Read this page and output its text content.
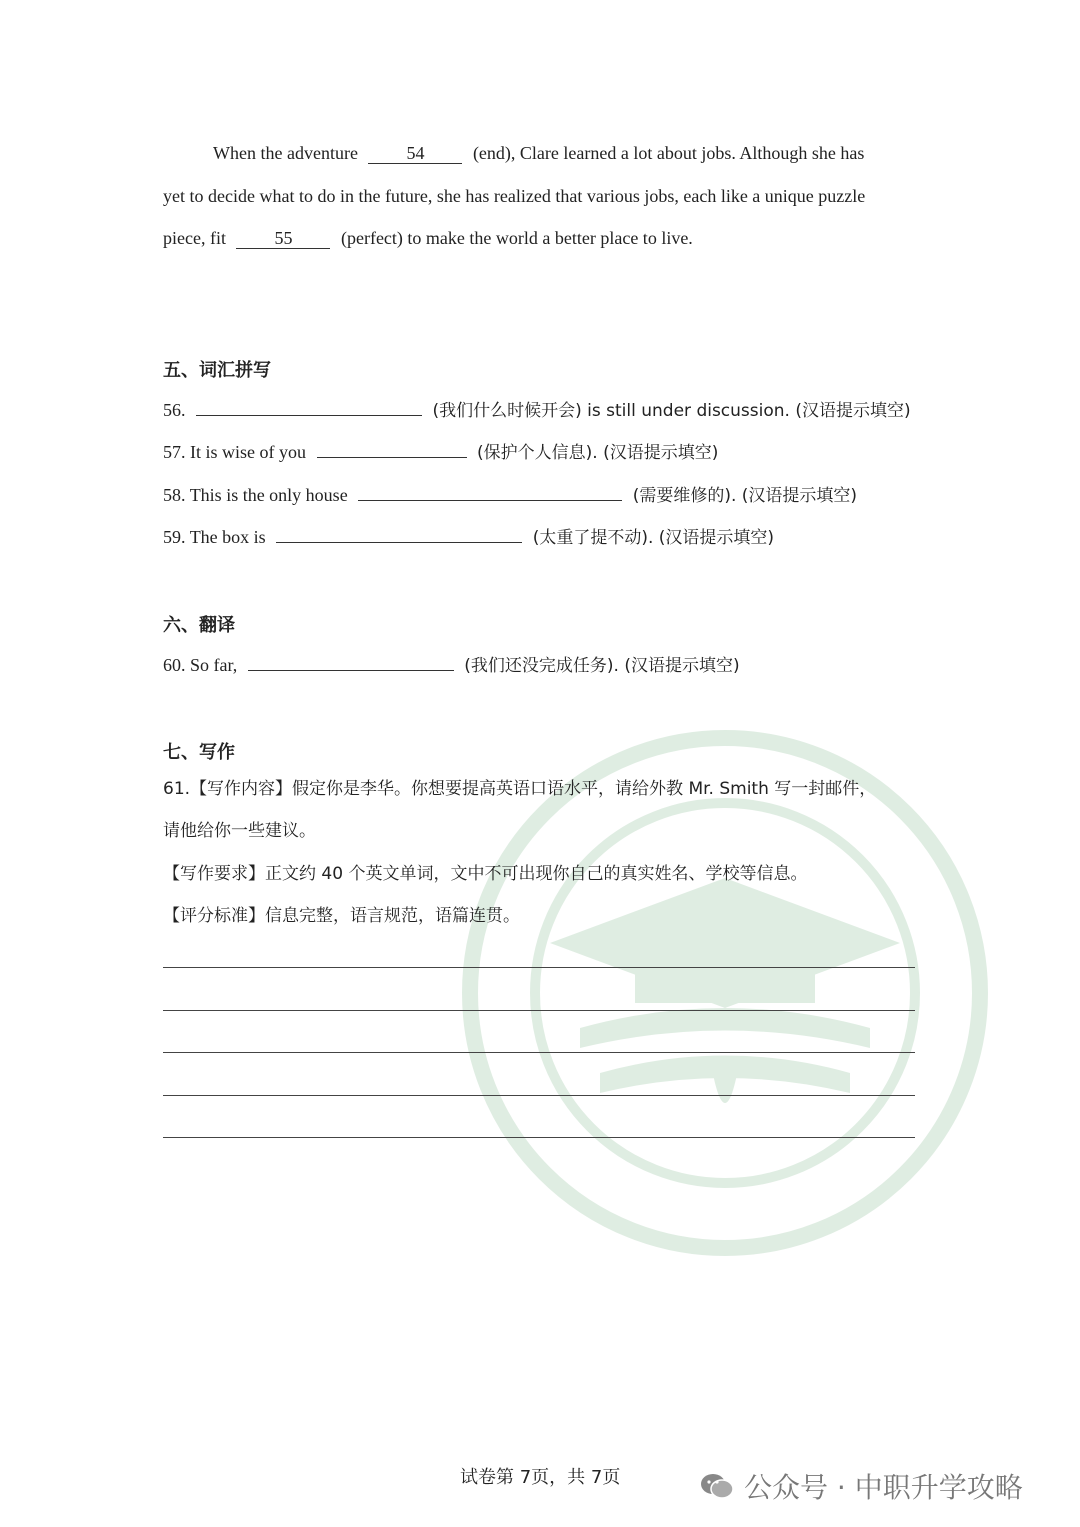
When the adventure	54	(end), Clare learned a lot about jobs. Although she has
yet to decide what to do in the future, she has realized that various jobs, each like a unique puzzle
piece, fit	55	(perfect) to make the world a better place to live.
五、词汇拼写
56.	(我们什么时候开会) is still under discussion. (汉语提示填空)
57. It is wise of you	(保护个人信息). (汉语提示填空)
58. This is the only house	(需要维修的). (汉语提示填空)
59. The box is	(太重了提不动). (汉语提示填空)
六、翻译
60. So far,	(我们还没完成任务). (汉语提示填空)
七、写作
61.【写作内容】假定你是李华。你想要提高英语口语水平，请给外教 Mr. Smith 写一封邮件，
请他给你一些建议。
【写作要求】正文约 40 个英文单词，文中不可出现你自己的真实姓名、学校等信息。
【评分标准】信息完整，语言规范，语篇连贯。
试卷第 7页，共 7页	公众号 · 中职升学攻略
